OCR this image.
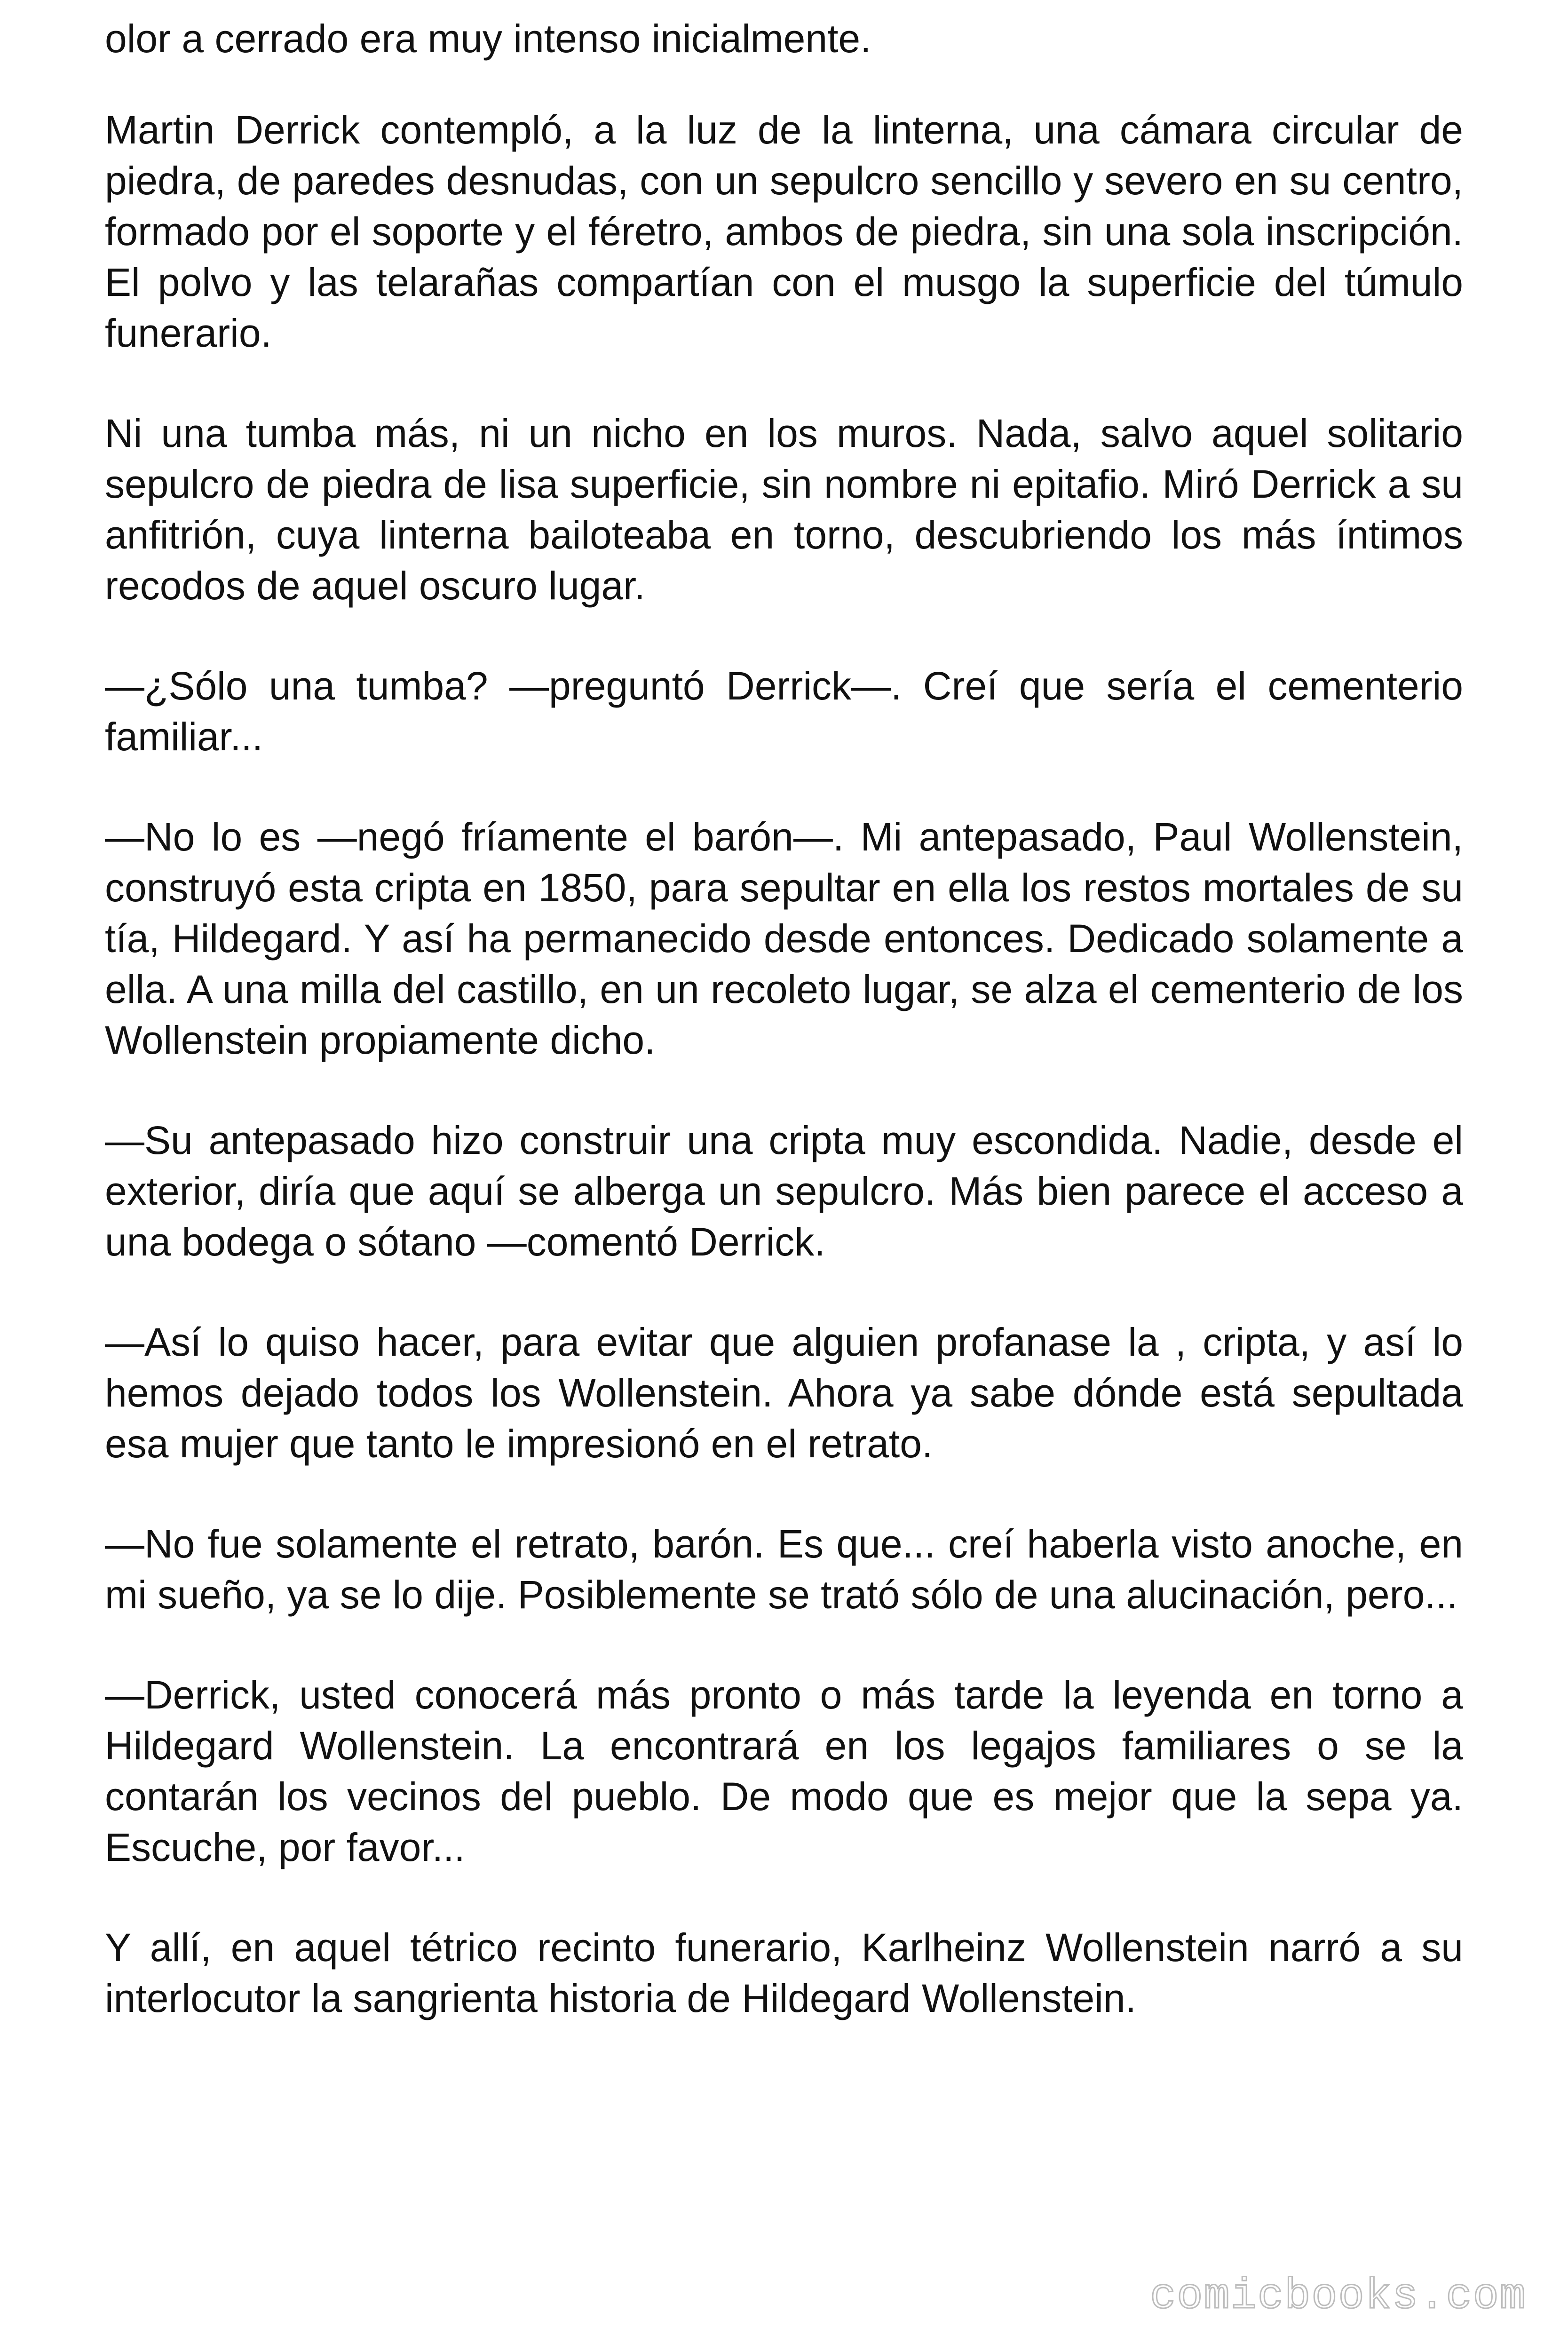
olor a cerrado era muy intenso inicialmente.

Martin Derrick contempló, a la luz de la linterna, una cámara circular de piedra, de paredes desnudas, con un sepulcro sencillo y severo en su centro, formado por el soporte y el féretro, ambos de piedra, sin una sola inscripción. El polvo y las telarañas compartían con el musgo la superficie del túmulo funerario.

Ni una tumba más, ni un nicho en los muros. Nada, salvo aquel solitario sepulcro de piedra de lisa superficie, sin nombre ni epitafio. Miró Derrick a su anfitrión, cuya linterna bailoteaba en torno, descubriendo los más íntimos recodos de aquel oscuro lugar.

—¿Sólo una tumba? —preguntó Derrick—. Creí que sería el cementerio familiar...

—No lo es —negó fríamente el barón—. Mi antepasado, Paul Wollenstein, construyó esta cripta en 1850, para sepultar en ella los restos mortales de su tía, Hildegard. Y así ha permanecido desde entonces. Dedicado solamente a ella. A una milla del castillo, en un recoleto lugar, se alza el cementerio de los Wollenstein propiamente dicho.

—Su antepasado hizo construir una cripta muy escondida. Nadie, desde el exterior, diría que aquí se alberga un sepulcro. Más bien parece el acceso a una bodega o sótano —comentó Derrick.

—Así lo quiso hacer, para evitar que alguien profanase la , cripta, y así lo hemos dejado todos los Wollenstein. Ahora ya sabe dónde está sepultada esa mujer que tanto le impresionó en el retrato.

—No fue solamente el retrato, barón. Es que... creí haberla visto anoche, en mi sueño, ya se lo dije. Posiblemente se trató sólo de una alucinación, pero...

—Derrick, usted conocerá más pronto o más tarde la leyenda en torno a Hildegard Wollenstein. La encontrará en los legajos familiares o se la contarán los vecinos del pueblo. De modo que es mejor que la sepa ya. Escuche, por favor...

Y allí, en aquel tétrico recinto funerario, Karlheinz Wollenstein narró a su interlocutor la sangrienta historia de Hildegard Wollenstein.

comicbooks.com
